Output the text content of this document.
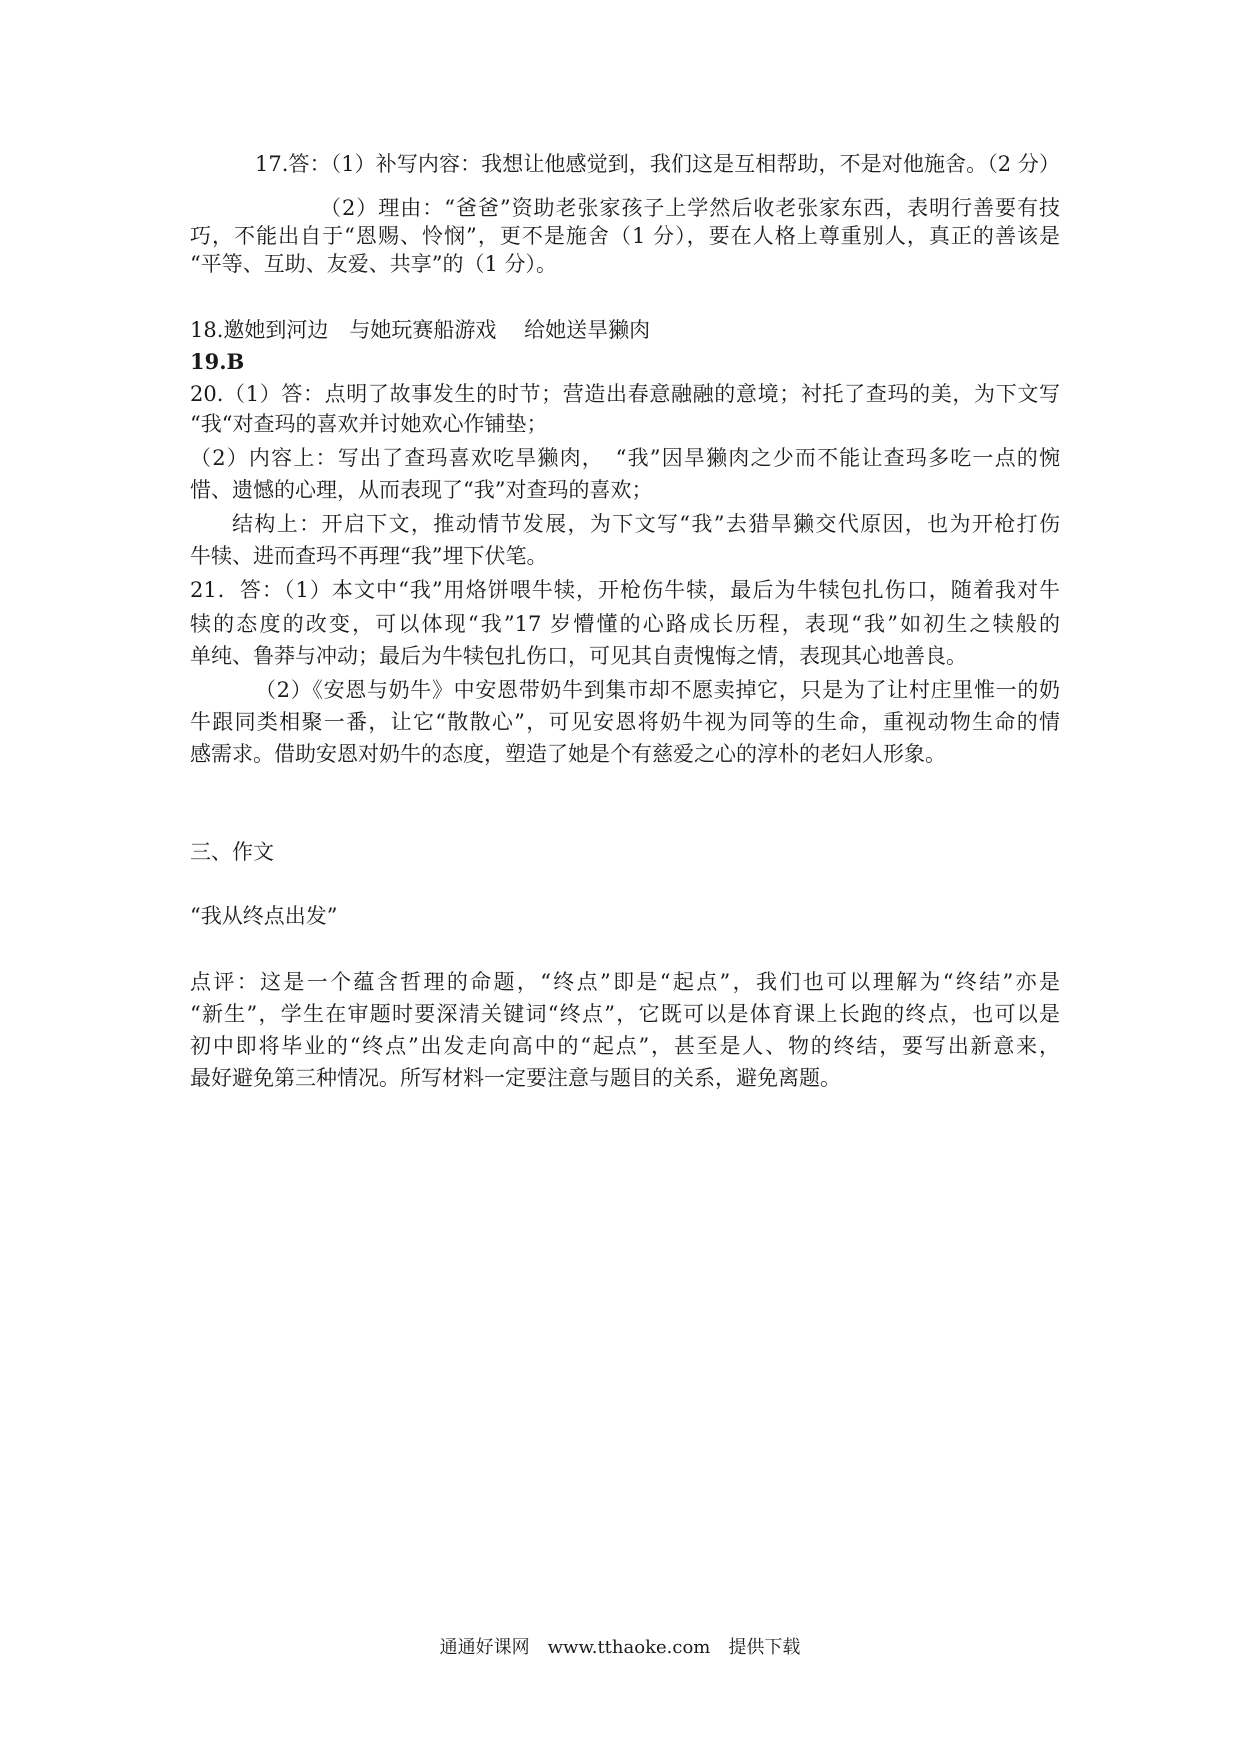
17.答：（1）补写内容：我想让他感觉到，我们这是互相帮助，不是对他施舍。（2 分）
（2）理由：“爸爸”资助老张家孩子上学然后收老张家东西，表明行善要有技
巧，不能出自于“恩赐、怜悯”，更不是施舍（1 分），要在人格上尊重别人，真正的善该是
“平等、互助、友爱、共享”的（1 分）。
18.邀她到河边　与她玩赛船游戏　 给她送旱獭肉
19.B
20.（1）答：点明了故事发生的时节；营造出春意融融的意境；衬托了查玛的美，为下文写
“我“对查玛的喜欢并讨她欢心作铺垫；
（2）内容上：写出了查玛喜欢吃旱獭肉，　“我”因旱獭肉之少而不能让查玛多吃一点的惋
惜、遗憾的心理，从而表现了“我”对查玛的喜欢；
结构上：开启下文，推动情节发展，为下文写“我”去猎旱獭交代原因，也为开枪打伤
牛犊、进而查玛不再理“我”埋下伏笔。
21．答：（1）本文中“我”用烙饼喂牛犊，开枪伤牛犊，最后为牛犊包扎伤口，随着我对牛
犊的态度的改变，可以体现“我”17 岁懵懂的心路成长历程，表现“我”如初生之犊般的
单纯、鲁莽与冲动；最后为牛犊包扎伤口，可见其自责愧悔之情，表现其心地善良。
（2）《安恩与奶牛》中安恩带奶牛到集市却不愿卖掉它，只是为了让村庄里惟一的奶
牛跟同类相聚一番，让它“散散心”，可见安恩将奶牛视为同等的生命，重视动物生命的情
感需求。借助安恩对奶牛的态度，塑造了她是个有慈爱之心的淳朴的老妇人形象。
三、作文
“我从终点出发”
点评：这是一个蕴含哲理的命题，“终点”即是“起点”，我们也可以理解为“终结”亦是
“新生”，学生在审题时要深清关键词“终点”，它既可以是体育课上长跑的终点，也可以是
初中即将毕业的“终点”出发走向高中的“起点”，甚至是人、物的终结，要写出新意来，
最好避免第三种情况。所写材料一定要注意与题目的关系，避免离题。
通通好课网　www.tthaoke.com　提供下载
